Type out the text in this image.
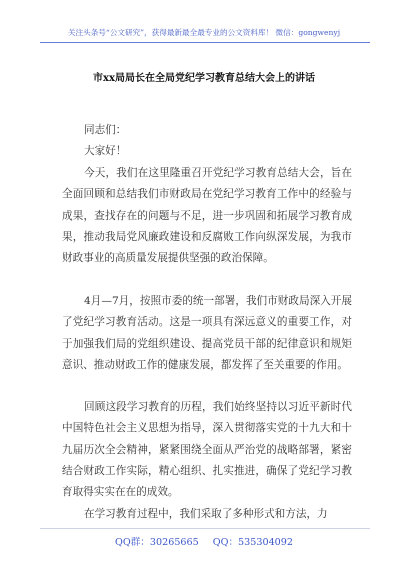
关注头条号“公文研究”，获得最新最全最专业的公文资料库！ 微信：gongwenyj
市xx局局长在全局党纪学习教育总结大会上的讲话
同志们：
大家好！
今天，我们在这里隆重召开党纪学习教育总结大会，旨在全面回顾和总结我们市财政局在党纪学习教育工作中的经验与成果，查找存在的问题与不足，进一步巩固和拓展学习教育成果，推动我局党风廉政建设和反腐败工作向纵深发展，为我市财政事业的高质量发展提供坚强的政治保障。
4月—7月，按照市委的统一部署，我们市财政局深入开展了党纪学习教育活动。这是一项具有深远意义的重要工作，对于加强我们局的党组织建设、提高党员干部的纪律意识和规矩意识、推动财政工作的健康发展，都发挥了至关重要的作用。
回顾这段学习教育的历程，我们始终坚持以习近平新时代中国特色社会主义思想为指导，深入贯彻落实党的十九大和十九届历次全会精神，紧紧围绕全面从严治党的战略部署，紧密结合财政工作实际，精心组织、扎实推进，确保了党纪学习教育取得实实在在的成效。
在学习教育过程中，我们采取了多种形式和方法，力
QQ群：30265665 QQ：535304092
